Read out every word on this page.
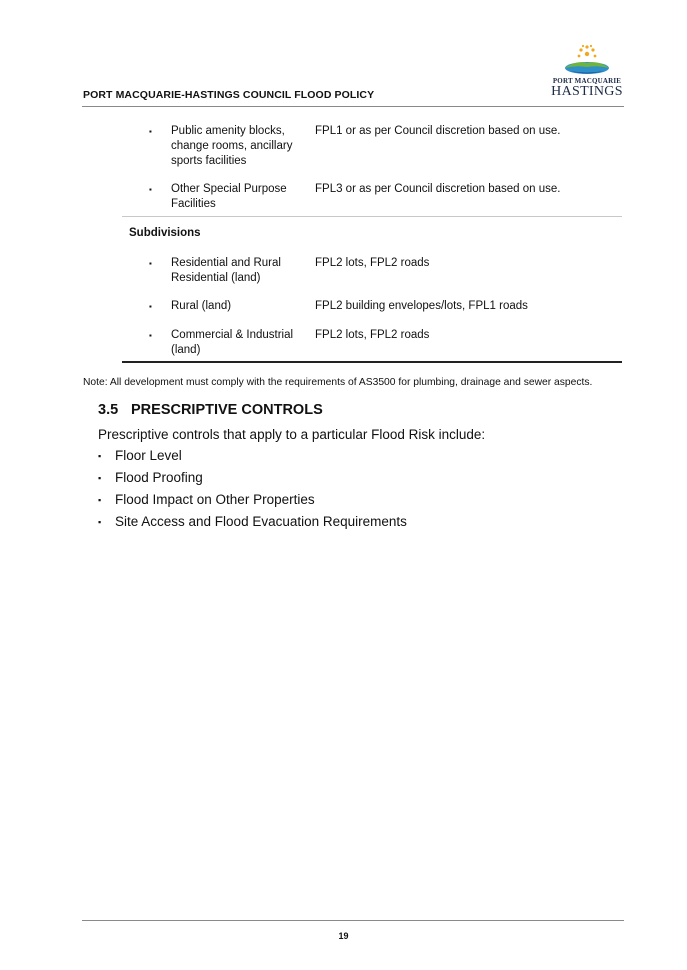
PORT MACQUARIE-HASTINGS COUNCIL FLOOD POLICY
PORT MACQUARIE
HASTINGS
▪ Public amenity blocks, change rooms, ancillary sports facilities
FPL1 or as per Council discretion based on use.
▪ Other Special Purpose Facilities
FPL3 or as per Council discretion based on use.
Subdivisions
▪ Residential and Rural Residential (land)
FPL2 lots, FPL2 roads
▪ Rural (land)	FPL2 building envelopes/lots, FPL1 roads
▪ Commercial & Industrial (land)
FPL2 lots, FPL2 roads
Note: All development must comply with the requirements of AS3500 for plumbing, drainage and sewer aspects.
3.5 PRESCRIPTIVE CONTROLS
Prescriptive controls that apply to a particular Flood Risk include:
▪ Floor Level
▪ Flood Proofing
▪ Flood Impact on Other Properties
▪ Site Access and Flood Evacuation Requirements
19
